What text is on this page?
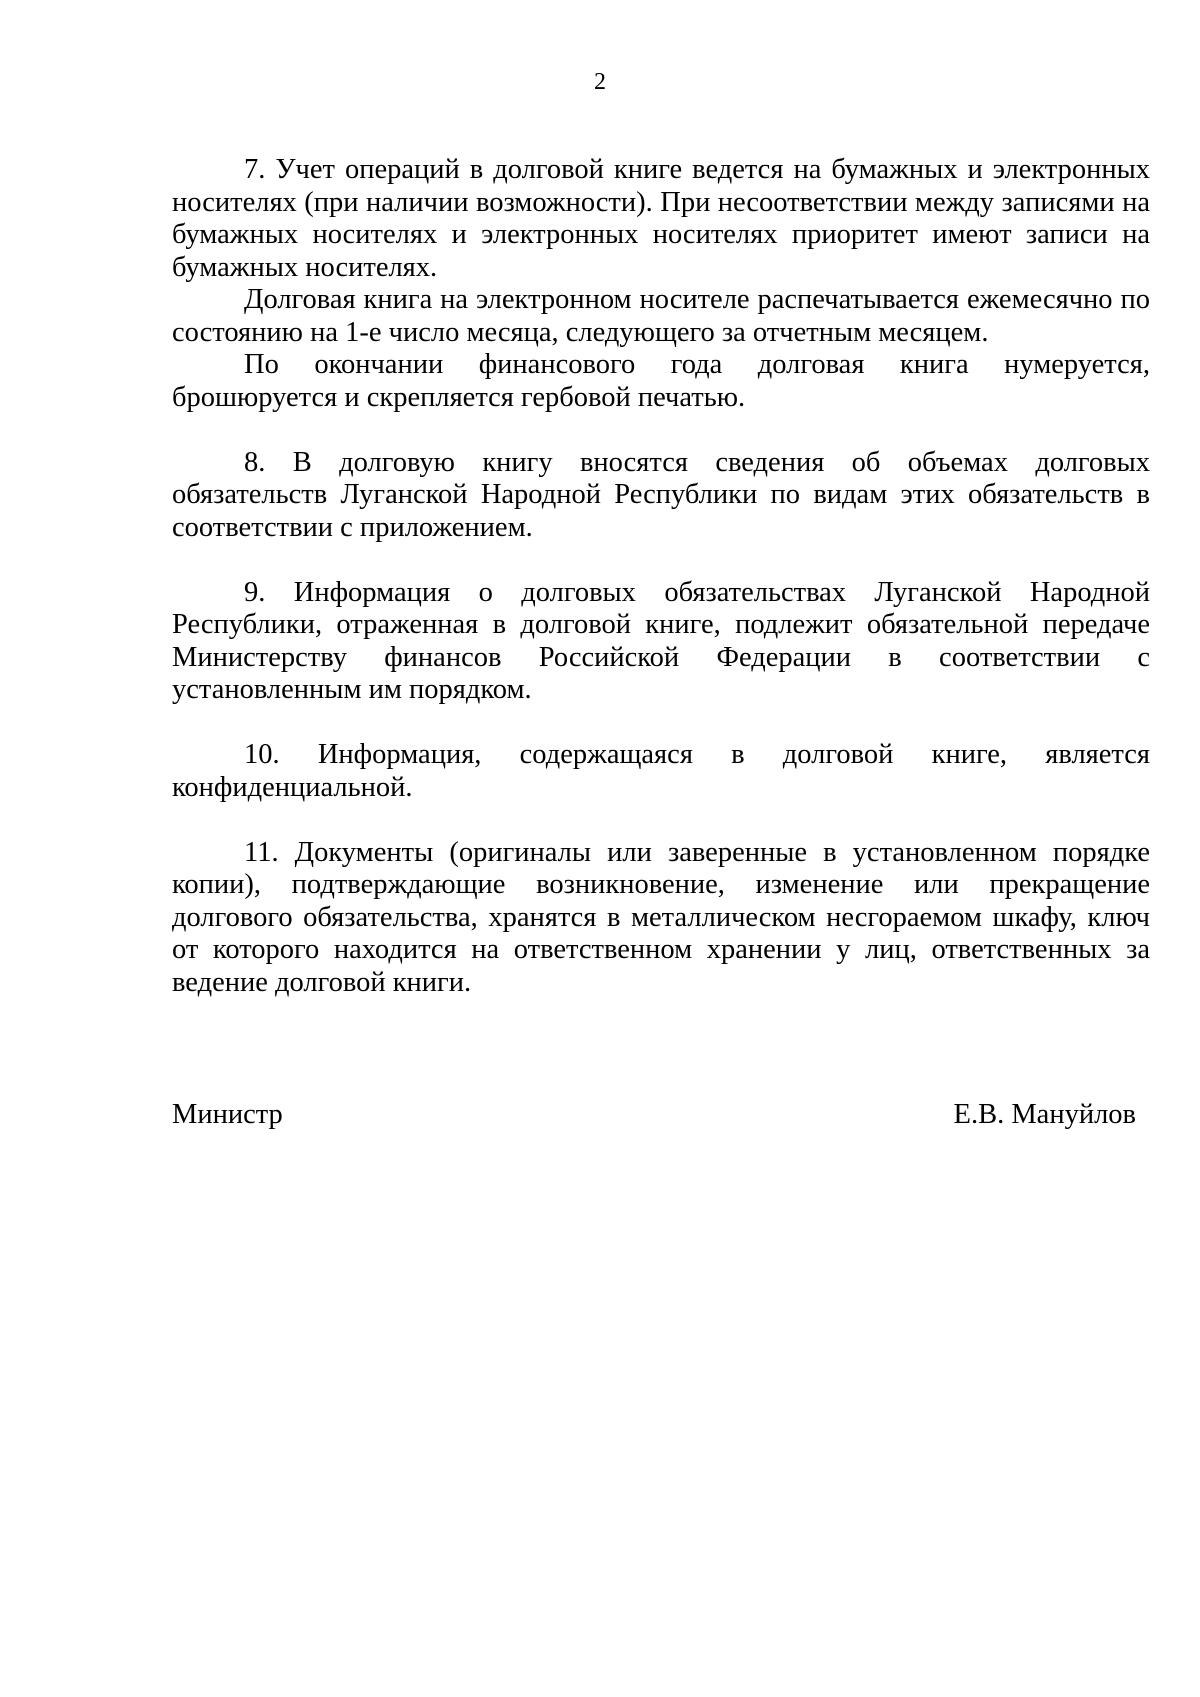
2

7. Учет операций в долговой книге ведется на бумажных и электронных носителях (при наличии возможности). При несоответствии между записями на бумажных носителях и электронных носителях приоритет имеют записи на бумажных носителях.

Долговая книга на электронном носителе распечатывается ежемесячно по состоянию на 1-е число месяца, следующего за отчетным месяцем.

По окончании финансового года долговая книга нумеруется, брошюруется и скрепляется гербовой печатью.

8. В долговую книгу вносятся сведения об объемах долговых обязательств Луганской Народной Республики по видам этих обязательств в соответствии с приложением.

9. Информация о долговых обязательствах Луганской Народной Республики, отраженная в долговой книге, подлежит обязательной передаче Министерству финансов Российской Федерации в соответствии с установленным им порядком.

10. Информация, содержащаяся в долговой книге, является конфиденциальной.

11. Документы (оригиналы или заверенные в установленном порядке копии), подтверждающие возникновение, изменение или прекращение долгового обязательства, хранятся в металлическом несгораемом шкафу, ключ от которого находится на ответственном хранении у лиц, ответственных за ведение долговой книги.

Министр	Е.В. Мануйлов
